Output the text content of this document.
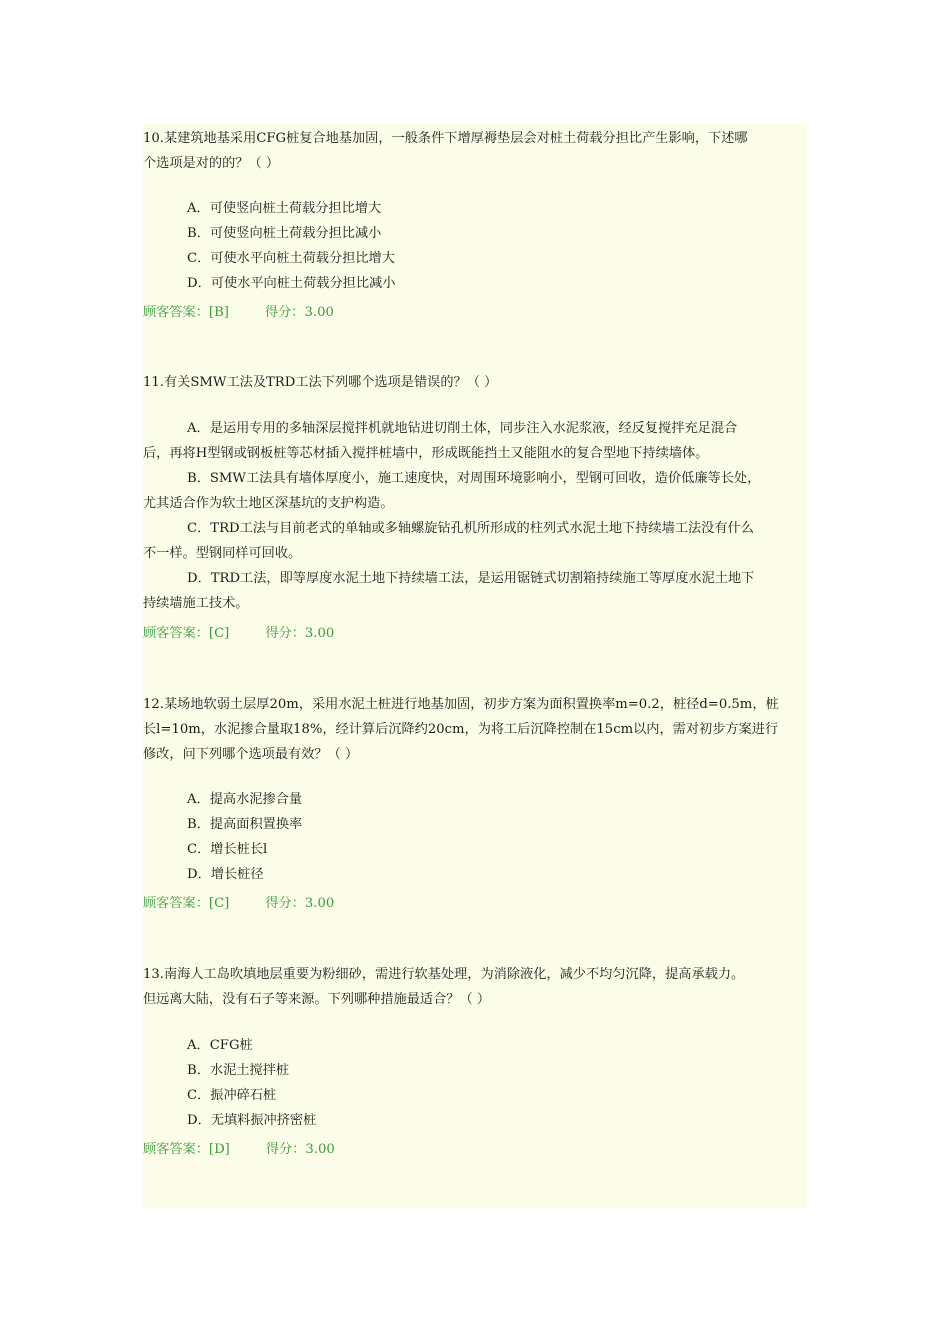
10.某建筑地基采用CFG桩复合地基加固，一般条件下增厚褥垫层会对桩土荷载分担比产生影响，下述哪

个选项是对的的？（ ）

A．可使竖向桩土荷载分担比增大

B．可使竖向桩土荷载分担比减小

C．可使水平向桩土荷载分担比增大

D．可使水平向桩土荷载分担比减小

顾客答案：[B]	得分：3.00

11.有关SMW工法及TRD工法下列哪个选项是错误的？（ ）

A．是运用专用的多轴深层搅拌机就地钻进切削土体，同步注入水泥浆液，经反复搅拌充足混合

后，再将H型钢或钢板桩等芯材插入搅拌桩墙中，形成既能挡土又能阻水的复合型地下持续墙体。

B．SMW工法具有墙体厚度小，施工速度快，对周围环境影响小，型钢可回收，造价低廉等长处，

尤其适合作为软土地区深基坑的支护构造。

C．TRD工法与目前老式的单轴或多轴螺旋钻孔机所形成的柱列式水泥土地下持续墙工法没有什么

不一样。型钢同样可回收。

D．TRD工法，即等厚度水泥土地下持续墙工法，是运用锯链式切割箱持续施工等厚度水泥土地下

持续墙施工技术。

顾客答案：[C]	得分：3.00

12.某场地软弱土层厚20m，采用水泥土桩进行地基加固，初步方案为面积置换率m=0.2，桩径d=0.5m，桩

长l=10m，水泥掺合量取18%，经计算后沉降约20cm，为将工后沉降控制在15cm以内，需对初步方案进行

修改，问下列哪个选项最有效？（ ）

A．提高水泥掺合量

B．提高面积置换率

C．增长桩长l

D．增长桩径

顾客答案：[C]	得分：3.00

13.南海人工岛吹填地层重要为粉细砂，需进行软基处理，为消除液化，减少不均匀沉降，提高承载力。

但远离大陆，没有石子等来源。下列哪种措施最适合？（ ）

A．CFG桩

B．水泥土搅拌桩

C．振冲碎石桩

D．无填料振冲挤密桩

顾客答案：[D]	得分：3.00
